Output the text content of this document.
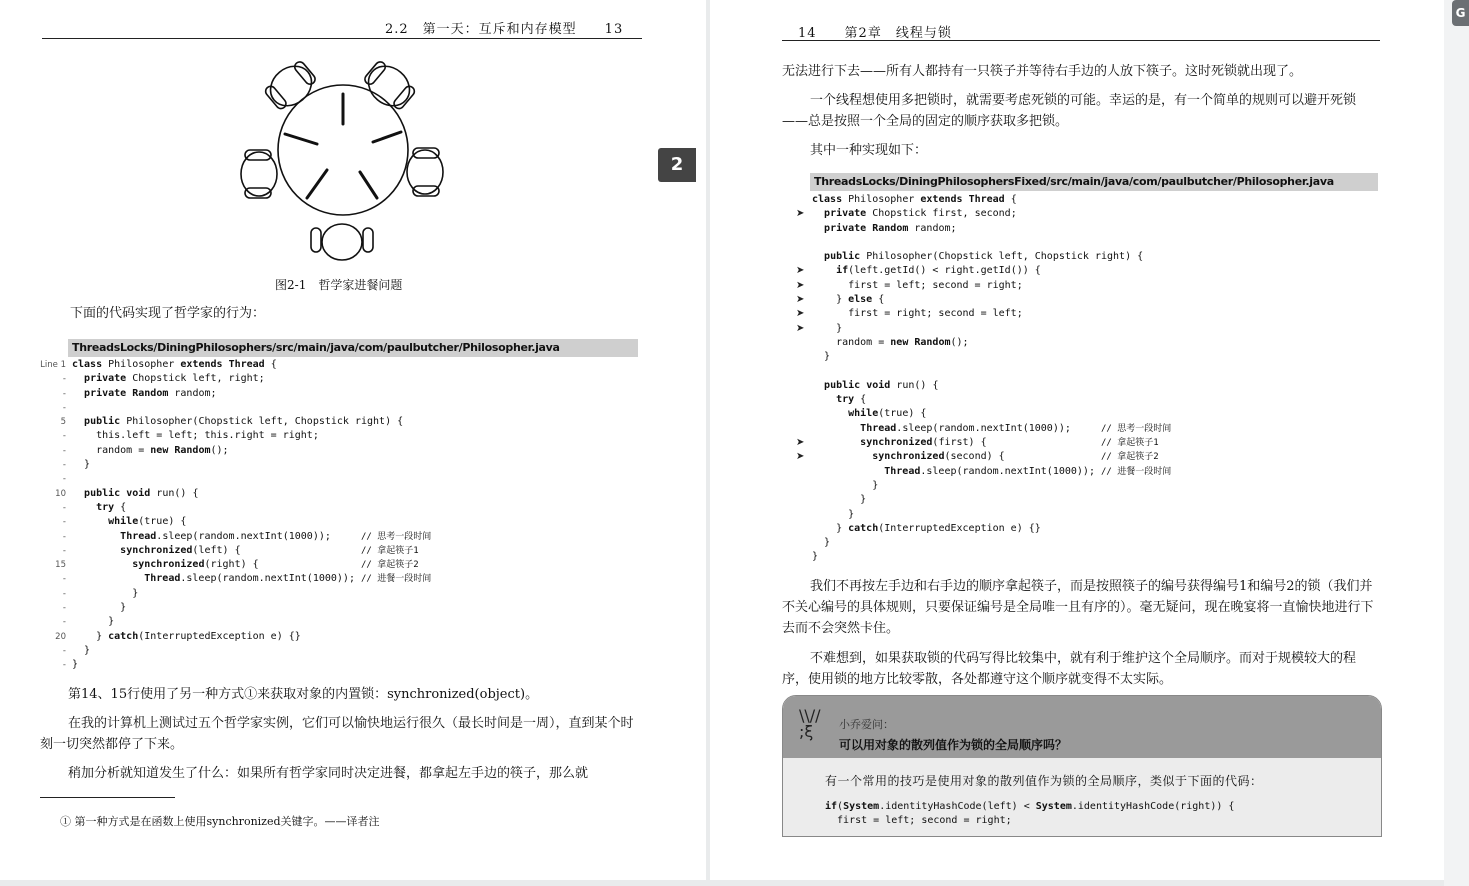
2.2　第一天：互斥和内存模型　　13
图2-1　哲学家进餐问题
下面的代码实现了哲学家的行为：
ThreadsLocks/DiningPhilosophers/src/main/java/com/paulbutcher/Philosopher.java
Line 1
-
-
-
5
-
-
-
-
10
-
-
-
-
15
-
-
-
-
20
-
-
class Philosopher extends Thread {
private Chopstick left, right;
private Random random;

public Philosopher(Chopstick left, Chopstick right) {
this.left = left; this.right = right;
random = new Random();
}

public void run() {
try {
while(true) {
Thread.sleep(random.nextInt(1000));     // 思考一段时间
synchronized(left) {                    // 拿起筷子1
synchronized(right) {                 // 拿起筷子2
Thread.sleep(random.nextInt(1000)); // 进餐一段时间
}
}
}
} catch(InterruptedException e) {}
}
}
第14、15行使用了另一种方式①来获取对象的内置锁：synchronized(object)。
在我的计算机上测试过五个哲学家实例，它们可以愉快地运行很久（最长时间是一周），直到某个时刻一切突然都停了下来。
稍加分析就知道发生了什么：如果所有哲学家同时决定进餐，都拿起左手边的筷子，那么就
① 第一种方式是在函数上使用synchronized关键字。——译者注
2
14　　第2章　线程与锁
无法进行下去——所有人都持有一只筷子并等待右手边的人放下筷子。这时死锁就出现了。
一个线程想使用多把锁时，就需要考虑死锁的可能。幸运的是，有一个简单的规则可以避开死锁——总是按照一个全局的固定的顺序获取多把锁。
其中一种实现如下：
ThreadsLocks/DiningPhilosophersFixed/src/main/java/com/paulbutcher/Philosopher.java

➤

➤
➤
➤
➤
➤

➤
➤

class Philosopher extends Thread {
private Chopstick first, second;
private Random random;

public Philosopher(Chopstick left, Chopstick right) {
if(left.getId() < right.getId()) {
first = left; second = right;
} else {
first = right; second = left;
}
random = new Random();
}

public void run() {
try {
while(true) {
Thread.sleep(random.nextInt(1000));     // 思考一段时间
synchronized(first) {                   // 拿起筷子1
synchronized(second) {                // 拿起筷子2
Thread.sleep(random.nextInt(1000)); // 进餐一段时间
}
}
}
} catch(InterruptedException e) {}
}
}
我们不再按左手边和右手边的顺序拿起筷子，而是按照筷子的编号获得编号1和编号2的锁（我们并不关心编号的具体规则，只要保证编号是全局唯一且有序的）。毫无疑问，现在晚宴将一直愉快地进行下去而不会突然卡住。
不难想到，如果获取锁的代码写得比较集中，就有利于维护这个全局顺序。而对于规模较大的程序，使用锁的地方比较零散，各处都遵守这个顺序就变得不太实际。
\\//
;ξ	小乔爱问：
可以用对象的散列值作为锁的全局顺序吗？
有一个常用的技巧是使用对象的散列值作为锁的全局顺序，类似于下面的代码：
if(System.identityHashCode(left) < System.identityHashCode(right)) {
first = left; second = right;
G
